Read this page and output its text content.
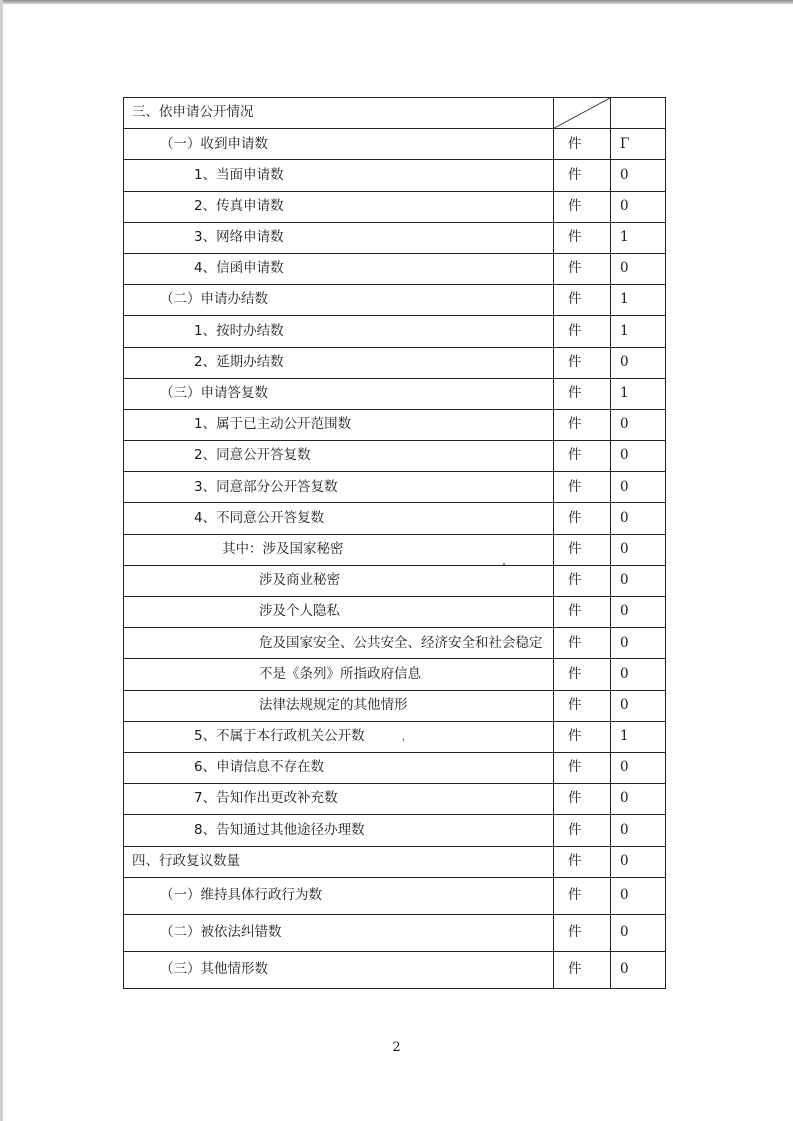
三、依申请公开情况	

（一）收到申请数	件	Γ
1、当面申请数	件	0
2、传真申请数	件	0
3、网络申请数	件	1
4、信函申请数	件	0
（二）申请办结数	件	1
1、按时办结数	件	1
2、延期办结数	件	0
（三）申请答复数	件	1
1、属于已主动公开范围数	件	0
2、同意公开答复数	件	0
3、同意部分公开答复数	件	0
4、不同意公开答复数	件	0
其中：涉及国家秘密	件	0
涉及商业秘密	件	0
涉及个人隐私	件	0
危及国家安全、公共安全、经济安全和社会稳定	件	0
不是《条列》所指政府信息	件	0
法律法规规定的其他情形	件	0
5、不属于本行政机关公开数	件	1
6、申请信息不存在数	件	0
7、告知作出更改补充数	件	0
8、告知通过其他途径办理数	件	0
四、行政复议数量	件	0
（一）维持具体行政行为数	件	0
（二）被依法纠错数	件	0
（三）其他情形数	件	0
2
